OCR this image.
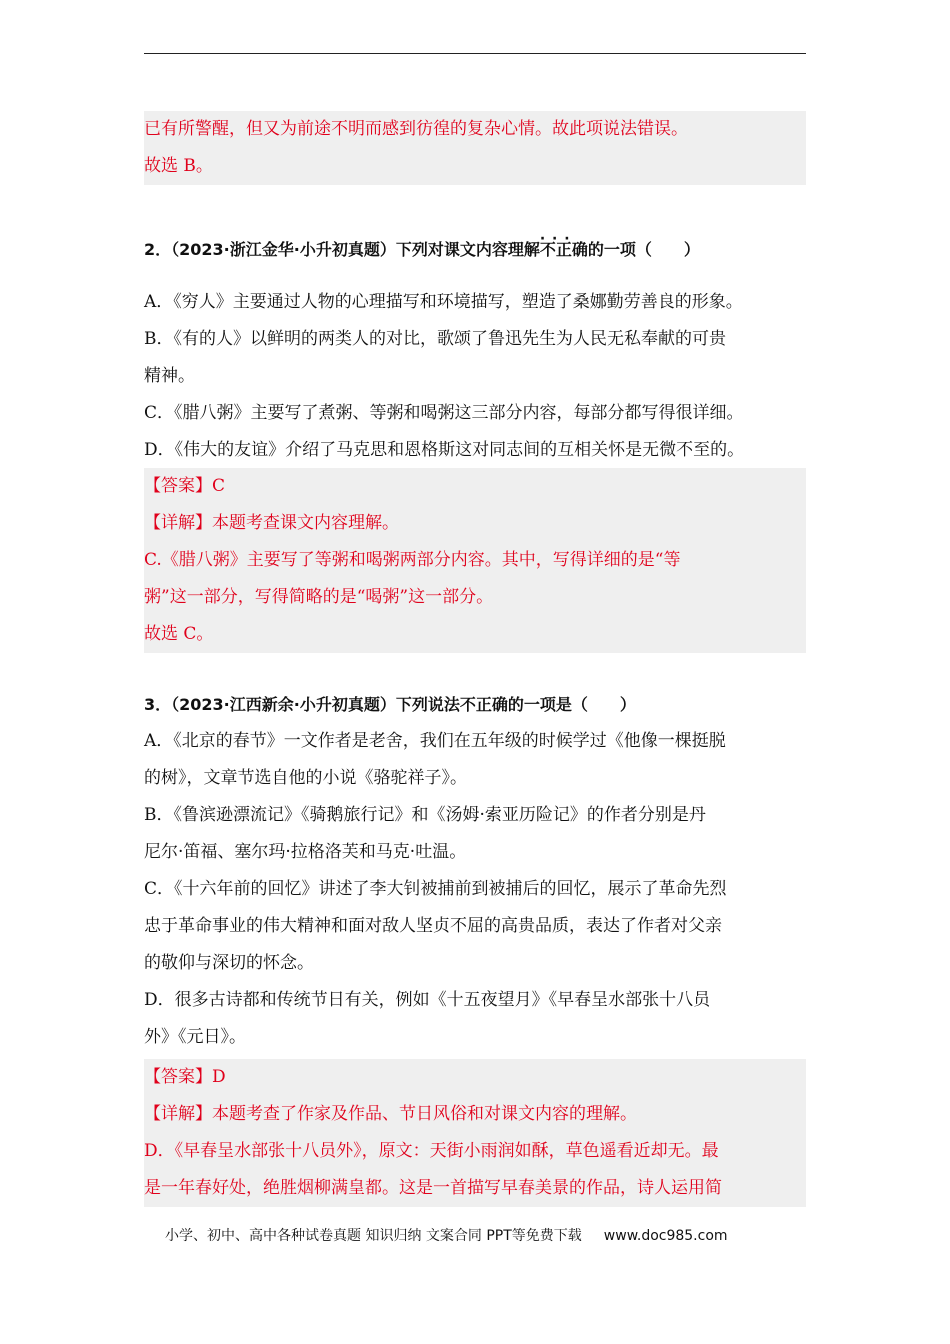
已有所警醒，但又为前途不明而感到彷徨的复杂心情。故此项说法错误。
故选 B。
2．（2023·浙江金华·小升初真题）下列对课文内容理解· · · 不正确的一项（　　）
A．《穷人》主要通过人物的心理描写和环境描写，塑造了桑娜勤劳善良的形象。
B．《有的人》以鲜明的两类人的对比，歌颂了鲁迅先生为人民无私奉献的可贵
精神。
C．《腊八粥》主要写了煮粥、等粥和喝粥这三部分内容，每部分都写得很详细。
D．《伟大的友谊》介绍了马克思和恩格斯这对同志间的互相关怀是无微不至的。
【答案】C
【详解】本题考查课文内容理解。
C.《腊八粥》主要写了等粥和喝粥两部分内容。其中，写得详细的是“等
粥”这一部分，写得简略的是“喝粥”这一部分。
故选 C。
3．（2023·江西新余·小升初真题）下列说法不正确的一项是（　　）
A．《北京的春节》一文作者是老舍，我们在五年级的时候学过《他像一棵挺脱
的树》，文章节选自他的小说《骆驼祥子》。
B．《鲁滨逊漂流记》《骑鹅旅行记》和《汤姆·索亚历险记》的作者分别是丹
尼尔·笛福、塞尔玛·拉格洛芙和马克·吐温。
C．《十六年前的回忆》讲述了李大钊被捕前到被捕后的回忆，展示了革命先烈
忠于革命事业的伟大精神和面对敌人坚贞不屈的高贵品质，表达了作者对父亲
的敬仰与深切的怀念。
D．很多古诗都和传统节日有关，例如《十五夜望月》《早春呈水部张十八员
外》《元日》。
【答案】D
【详解】本题考查了作家及作品、节日风俗和对课文内容的理解。
D．《早春呈水部张十八员外》，原文：天街小雨润如酥，草色遥看近却无。最
是一年春好处，绝胜烟柳满皇都。这是一首描写早春美景的作品，诗人运用简
小学、初中、高中各种试卷真题 知识归纳 文案合同 PPT等免费下载 www.doc985.com
